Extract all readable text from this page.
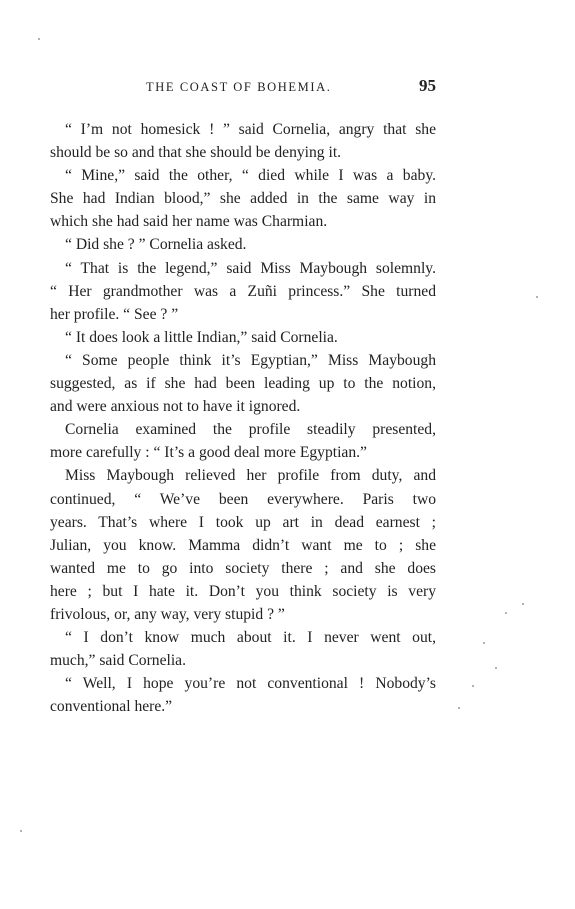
THE COAST OF BOHEMIA.	95
“ I’m not homesick ! ” said Cornelia, angry that she
should be so and that she should be denying it.
“ Mine,” said the other, “ died while I was a baby.
She had Indian blood,” she added in the same way in
which she had said her name was Charmian.
“ Did she ? ” Cornelia asked.
“ That is the legend,” said Miss Maybough solemnly.
“ Her grandmother was a Zuñi princess.” She turned
her profile. “ See ? ”
“ It does look a little Indian,” said Cornelia.
“ Some people think it’s Egyptian,” Miss Maybough
suggested, as if she had been leading up to the notion,
and were anxious not to have it ignored.
Cornelia examined the profile steadily presented,
more carefully : “ It’s a good deal more Egyptian.”
Miss Maybough relieved her profile from duty, and
continued, “ We’ve been everywhere. Paris two
years. That’s where I took up art in dead earnest ;
Julian, you know. Mamma didn’t want me to ; she
wanted me to go into society there ; and she does
here ; but I hate it. Don’t you think society is very
frivolous, or, any way, very stupid ? ”
“ I don’t know much about it. I never went out,
much,” said Cornelia.
“ Well, I hope you’re not conventional ! Nobody’s
conventional here.”
